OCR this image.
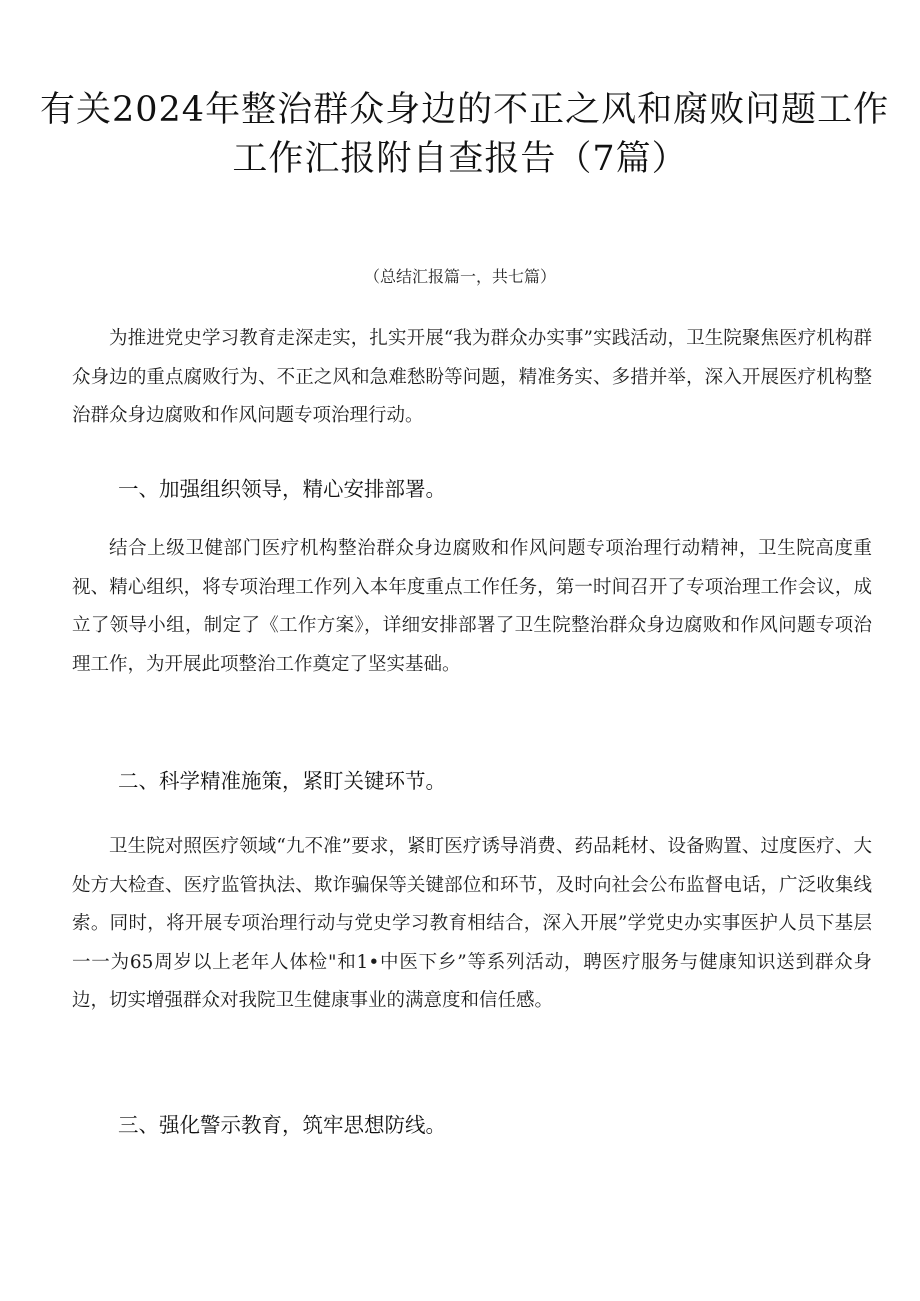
有关2024年整治群众身边的不正之风和腐败问题工作
工作汇报附自查报告（7篇）
（总结汇报篇一，共七篇）

为推进党史学习教育走深走实，扎实开展“我为群众办实事”实践活动，卫生院聚焦医疗机构群众身边的重点腐败行为、不正之风和急难愁盼等问题，精准务实、多措并举，深入开展医疗机构整治群众身边腐败和作风问题专项治理行动。

一、加强组织领导，精心安排部署。

结合上级卫健部门医疗机构整治群众身边腐败和作风问题专项治理行动精神，卫生院高度重视、精心组织，将专项治理工作列入本年度重点工作任务，第一时间召开了专项治理工作会议，成立了领导小组，制定了《工作方案》，详细安排部署了卫生院整治群众身边腐败和作风问题专项治理工作，为开展此项整治工作奠定了坚实基础。

二、科学精准施策，紧盯关键环节。

卫生院对照医疗领域“九不准”要求，紧盯医疗诱导消费、药品耗材、设备购置、过度医疗、大处方大检查、医疗监管执法、欺诈骗保等关键部位和环节，及时向社会公布监督电话，广泛收集线索。同时，将开展专项治理行动与党史学习教育相结合，深入开展”学党史办实事医护人员下基层一一为65周岁以上老年人体检"和1•中医下乡”等系列活动，聘医疗服务与健康知识送到群众身边，切实增强群众对我院卫生健康事业的满意度和信任感。

三、强化警示教育，筑牢思想防线。
